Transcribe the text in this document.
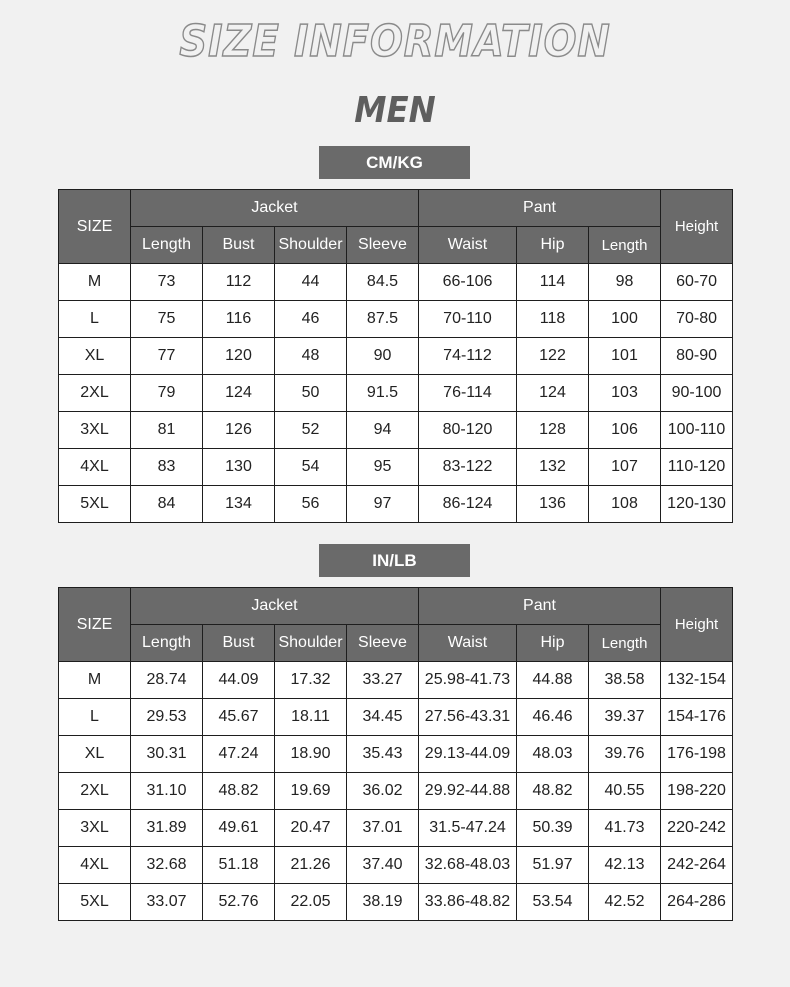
SIZE INFORMATION
MEN
CM/KG
SIZE	Jacket				Pant			Height
	Length	Bust	Shoulder	Sleeve	Waist	Hip	Length	
M	73	112	44	84.5	66-106	114	98	60-70
L	75	116	46	87.5	70-110	118	100	70-80
XL	77	120	48	90	74-112	122	101	80-90
2XL	79	124	50	91.5	76-114	124	103	90-100
3XL	81	126	52	94	80-120	128	106	100-110
4XL	83	130	54	95	83-122	132	107	110-120
5XL	84	134	56	97	86-124	136	108	120-130
IN/LB
SIZE	Jacket				Pant			Height
	Length	Bust	Shoulder	Sleeve	Waist	Hip	Length	
M	28.74	44.09	17.32	33.27	25.98-41.73	44.88	38.58	132-154
L	29.53	45.67	18.11	34.45	27.56-43.31	46.46	39.37	154-176
XL	30.31	47.24	18.90	35.43	29.13-44.09	48.03	39.76	176-198
2XL	31.10	48.82	19.69	36.02	29.92-44.88	48.82	40.55	198-220
3XL	31.89	49.61	20.47	37.01	31.5-47.24	50.39	41.73	220-242
4XL	32.68	51.18	21.26	37.40	32.68-48.03	51.97	42.13	242-264
5XL	33.07	52.76	22.05	38.19	33.86-48.82	53.54	42.52	264-286
